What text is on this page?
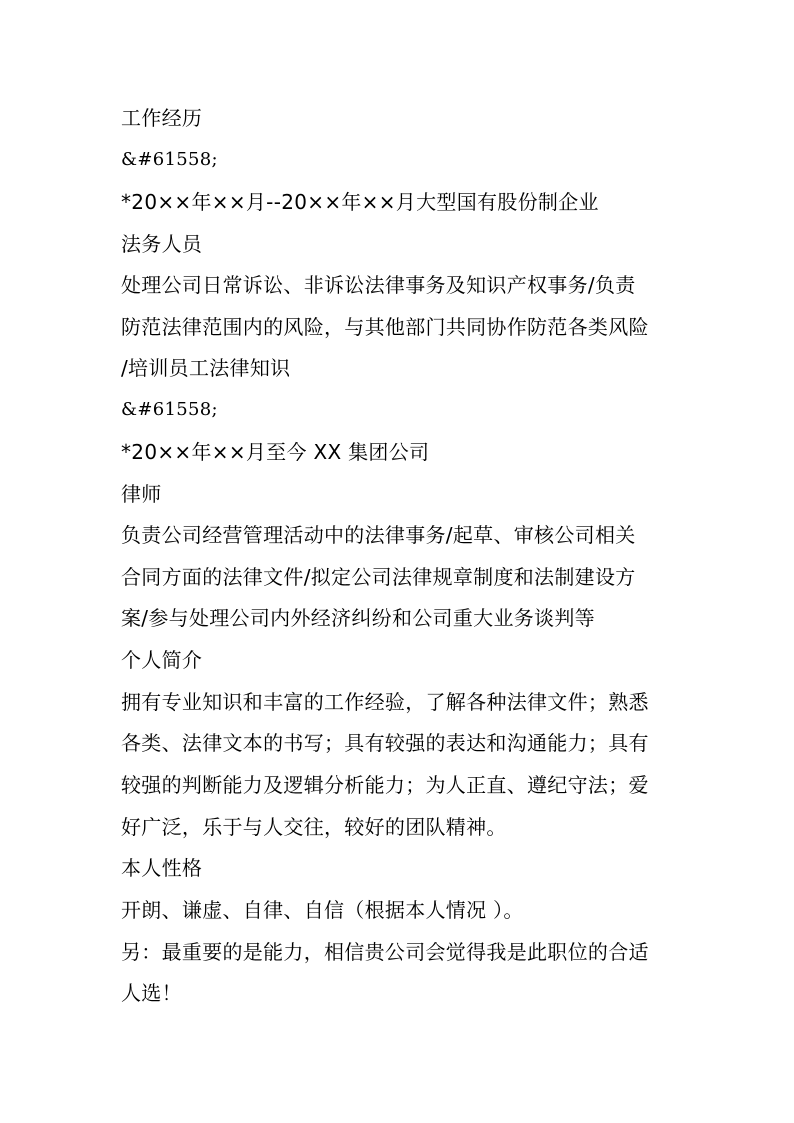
工作经历
&#61558;
*20××年××月--20××年××月大型国有股份制企业
法务人员
处理公司日常诉讼、非诉讼法律事务及知识产权事务/负责
防范法律范围内的风险，与其他部门共同协作防范各类风险
/培训员工法律知识
&#61558;
*20××年××月至今 XX 集团公司
律师
负责公司经营管理活动中的法律事务/起草、审核公司相关
合同方面的法律文件/拟定公司法律规章制度和法制建设方
案/参与处理公司内外经济纠纷和公司重大业务谈判等
个人简介
拥有专业知识和丰富的工作经验，了解各种法律文件；熟悉
各类、法律文本的书写；具有较强的表达和沟通能力；具有
较强的判断能力及逻辑分析能力；为人正直、遵纪守法；爱
好广泛，乐于与人交往，较好的团队精神。
本人性格
开朗、谦虚、自律、自信（根据本人情况 ）。
另：最重要的是能力，相信贵公司会觉得我是此职位的合适
人选！
